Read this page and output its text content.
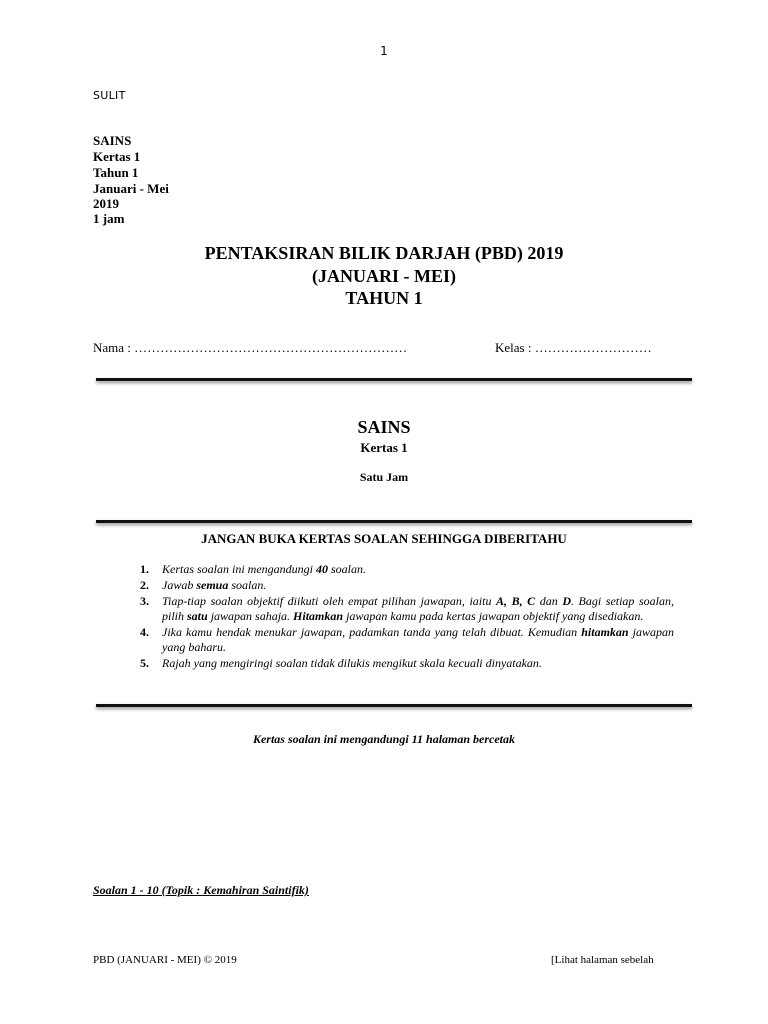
1
SULIT
SAINS
Kertas 1
Tahun 1
Januari - Mei
2019
1 jam
PENTAKSIRAN BILIK DARJAH (PBD) 2019
(JANUARI - MEI)
TAHUN 1
Nama : ………………………………………………………	Kelas : ………………………
SAINS
Kertas 1
Satu Jam
JANGAN BUKA KERTAS SOALAN SEHINGGA DIBERITAHU
1.	Kertas soalan ini mengandungi 40 soalan.
2.	Jawab semua soalan.
3.	Tiap-tiap soalan objektif diikuti oleh empat pilihan jawapan, iaitu A, B, C dan D. Bagi setiap soalan, pilih satu jawapan sahaja. Hitamkan jawapan kamu pada kertas jawapan objektif yang disediakan.
4.	Jika kamu hendak menukar jawapan, padamkan tanda yang telah dibuat. Kemudian hitamkan jawapan yang baharu.
5.	Rajah yang mengiringi soalan tidak dilukis mengikut skala kecuali dinyatakan.
Kertas soalan ini mengandungi 11 halaman bercetak
Soalan 1 - 10 (Topik : Kemahiran Saintifik)
PBD (JANUARI - MEI) © 2019	[Lihat halaman sebelah
